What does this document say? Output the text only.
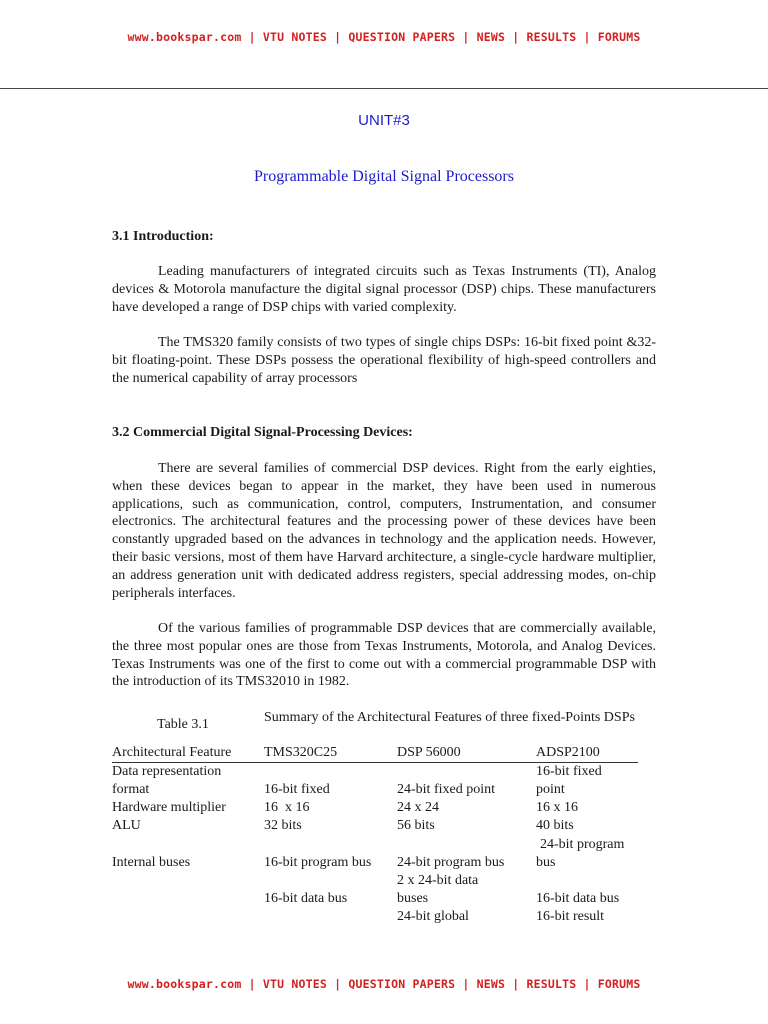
www.bookspar.com | VTU NOTES | QUESTION PAPERS | NEWS | RESULTS | FORUMS
UNIT#3
Programmable Digital Signal Processors
3.1 Introduction:

Leading manufacturers of integrated circuits such as Texas Instruments (TI), Analog devices & Motorola manufacture the digital signal processor (DSP) chips. These manufacturers have developed a range of DSP chips with varied complexity.

The TMS320 family consists of two types of single chips DSPs: 16-bit fixed point &32-bit floating-point. These DSPs possess the operational flexibility of high-speed controllers and the numerical capability of array processors

3.2 Commercial Digital Signal-Processing Devices:

There are several families of commercial DSP devices. Right from the early eighties, when these devices began to appear in the market, they have been used in numerous applications, such as communication, control, computers, Instrumentation, and consumer electronics. The architectural features and the processing power of these devices have been constantly upgraded based on the advances in technology and the application needs. However, their basic versions, most of them have Harvard architecture, a single-cycle hardware multiplier, an address generation unit with dedicated address registers, special addressing modes, on-chip peripherals interfaces.

Of the various families of programmable DSP devices that are commercially available, the three most popular ones are those from Texas Instruments, Motorola, and Analog Devices. Texas Instruments was one of the first to come out with a commercial programmable DSP with the introduction of its TMS32010 in 1982.

Table 3.1	Summary of the Architectural Features of three fixed-Points DSPs
Architectural Feature	TMS320C25	DSP 56000	ADSP2100
Data representation			16-bit fixed
format	16-bit fixed	24-bit fixed point	point
Hardware multiplier	16  x 16	24 x 24	16 x 16
ALU	32 bits	56 bits	40 bits
			24-bit program
Internal buses	16-bit program bus	24-bit program bus	bus
		2 x 24-bit data	
	16-bit data bus	buses	16-bit data bus
		24-bit global	16-bit result
www.bookspar.com | VTU NOTES | QUESTION PAPERS | NEWS | RESULTS | FORUMS
